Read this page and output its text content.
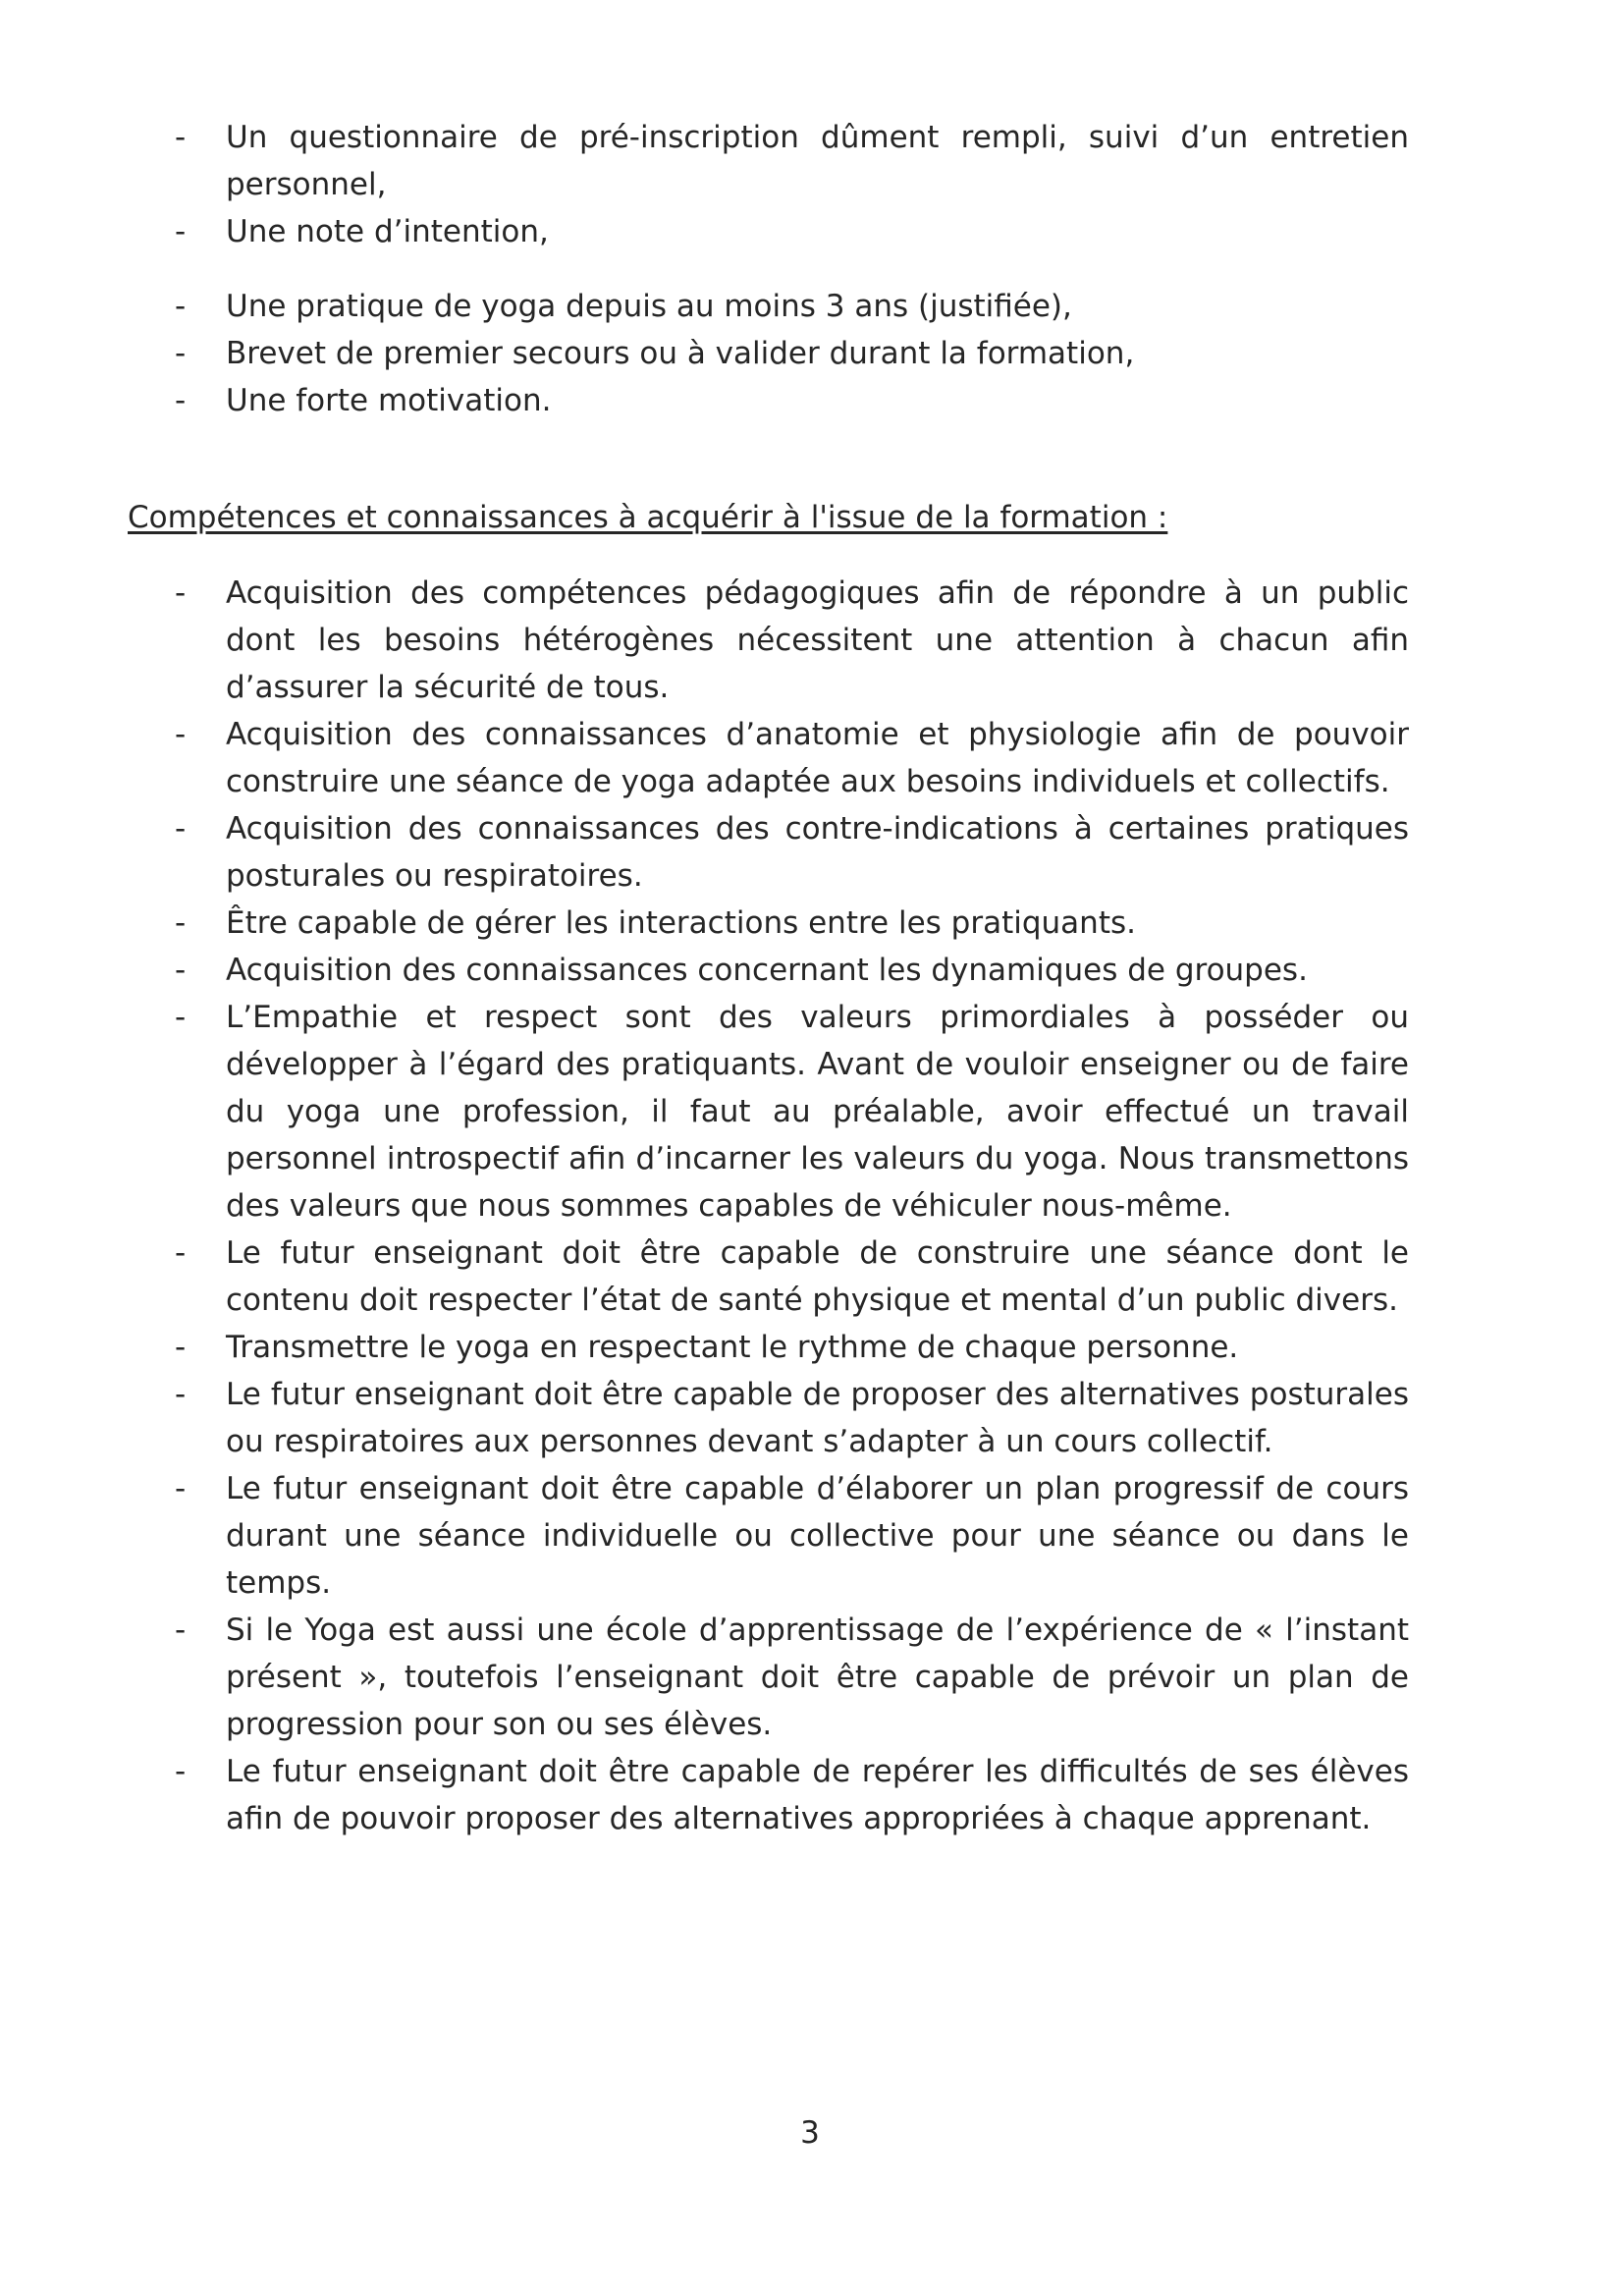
-	Un questionnaire de pré-inscription dûment rempli, suivi d’un entretien personnel,
-	Une note d’intention,
-	Une pratique de yoga depuis au moins 3 ans (justifiée),
-	Brevet de premier secours ou à valider durant la formation,
-	Une forte motivation.
Compétences et connaissances à acquérir à l'issue de la formation :
-	Acquisition des compétences pédagogiques afin de répondre à un public dont les besoins hétérogènes nécessitent une attention à chacun afin d’assurer la sécurité de tous.
-	Acquisition des connaissances d’anatomie et physiologie afin de pouvoir construire une séance de yoga adaptée aux besoins individuels et collectifs.
-	Acquisition des connaissances des contre-indications à certaines pratiques posturales ou respiratoires.
-	Être capable de gérer les interactions entre les pratiquants.
-	Acquisition des connaissances concernant les dynamiques de groupes.
-	L’Empathie et respect sont des valeurs primordiales à posséder ou développer à l’égard des pratiquants. Avant de vouloir enseigner ou de faire du yoga une profession, il faut au préalable, avoir effectué un travail personnel introspectif afin d’incarner les valeurs du yoga. Nous transmettons des valeurs que nous sommes capables de véhiculer nous-même.
-	Le futur enseignant doit être capable de construire une séance dont le contenu doit respecter l’état de santé physique et mental d’un public divers.
-	Transmettre le yoga en respectant le rythme de chaque personne.
-	Le futur enseignant doit être capable de proposer des alternatives posturales ou respiratoires aux personnes devant s’adapter à un cours collectif.
-	Le futur enseignant doit être capable d’élaborer un plan progressif de cours durant une séance individuelle ou collective pour une séance ou dans le temps.
-	Si le Yoga est aussi une école d’apprentissage de l’expérience de « l’instant présent », toutefois l’enseignant doit être capable de prévoir un plan de progression pour son ou ses élèves.
-	Le futur enseignant doit être capable de repérer les difficultés de ses élèves afin de pouvoir proposer des alternatives appropriées à chaque apprenant.
3
